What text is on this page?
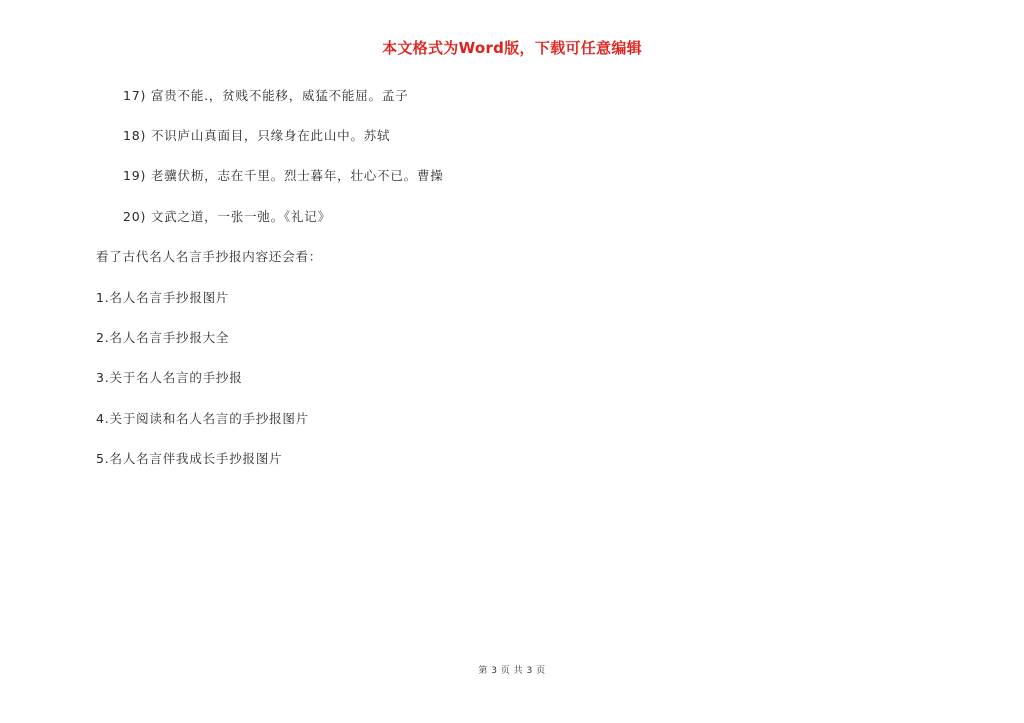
本文格式为Word版，下载可任意编辑
17) 富贵不能.，贫贱不能移，威猛不能屈。孟子
18) 不识庐山真面目，只缘身在此山中。苏轼
19) 老骥伏枥，志在千里。烈士暮年，壮心不已。曹操
20) 文武之道，一张一弛。《礼记》
看了古代名人名言手抄报内容还会看：
1.名人名言手抄报图片
2.名人名言手抄报大全
3.关于名人名言的手抄报
4.关于阅读和名人名言的手抄报图片
5.名人名言伴我成长手抄报图片
第 3 页 共 3 页
